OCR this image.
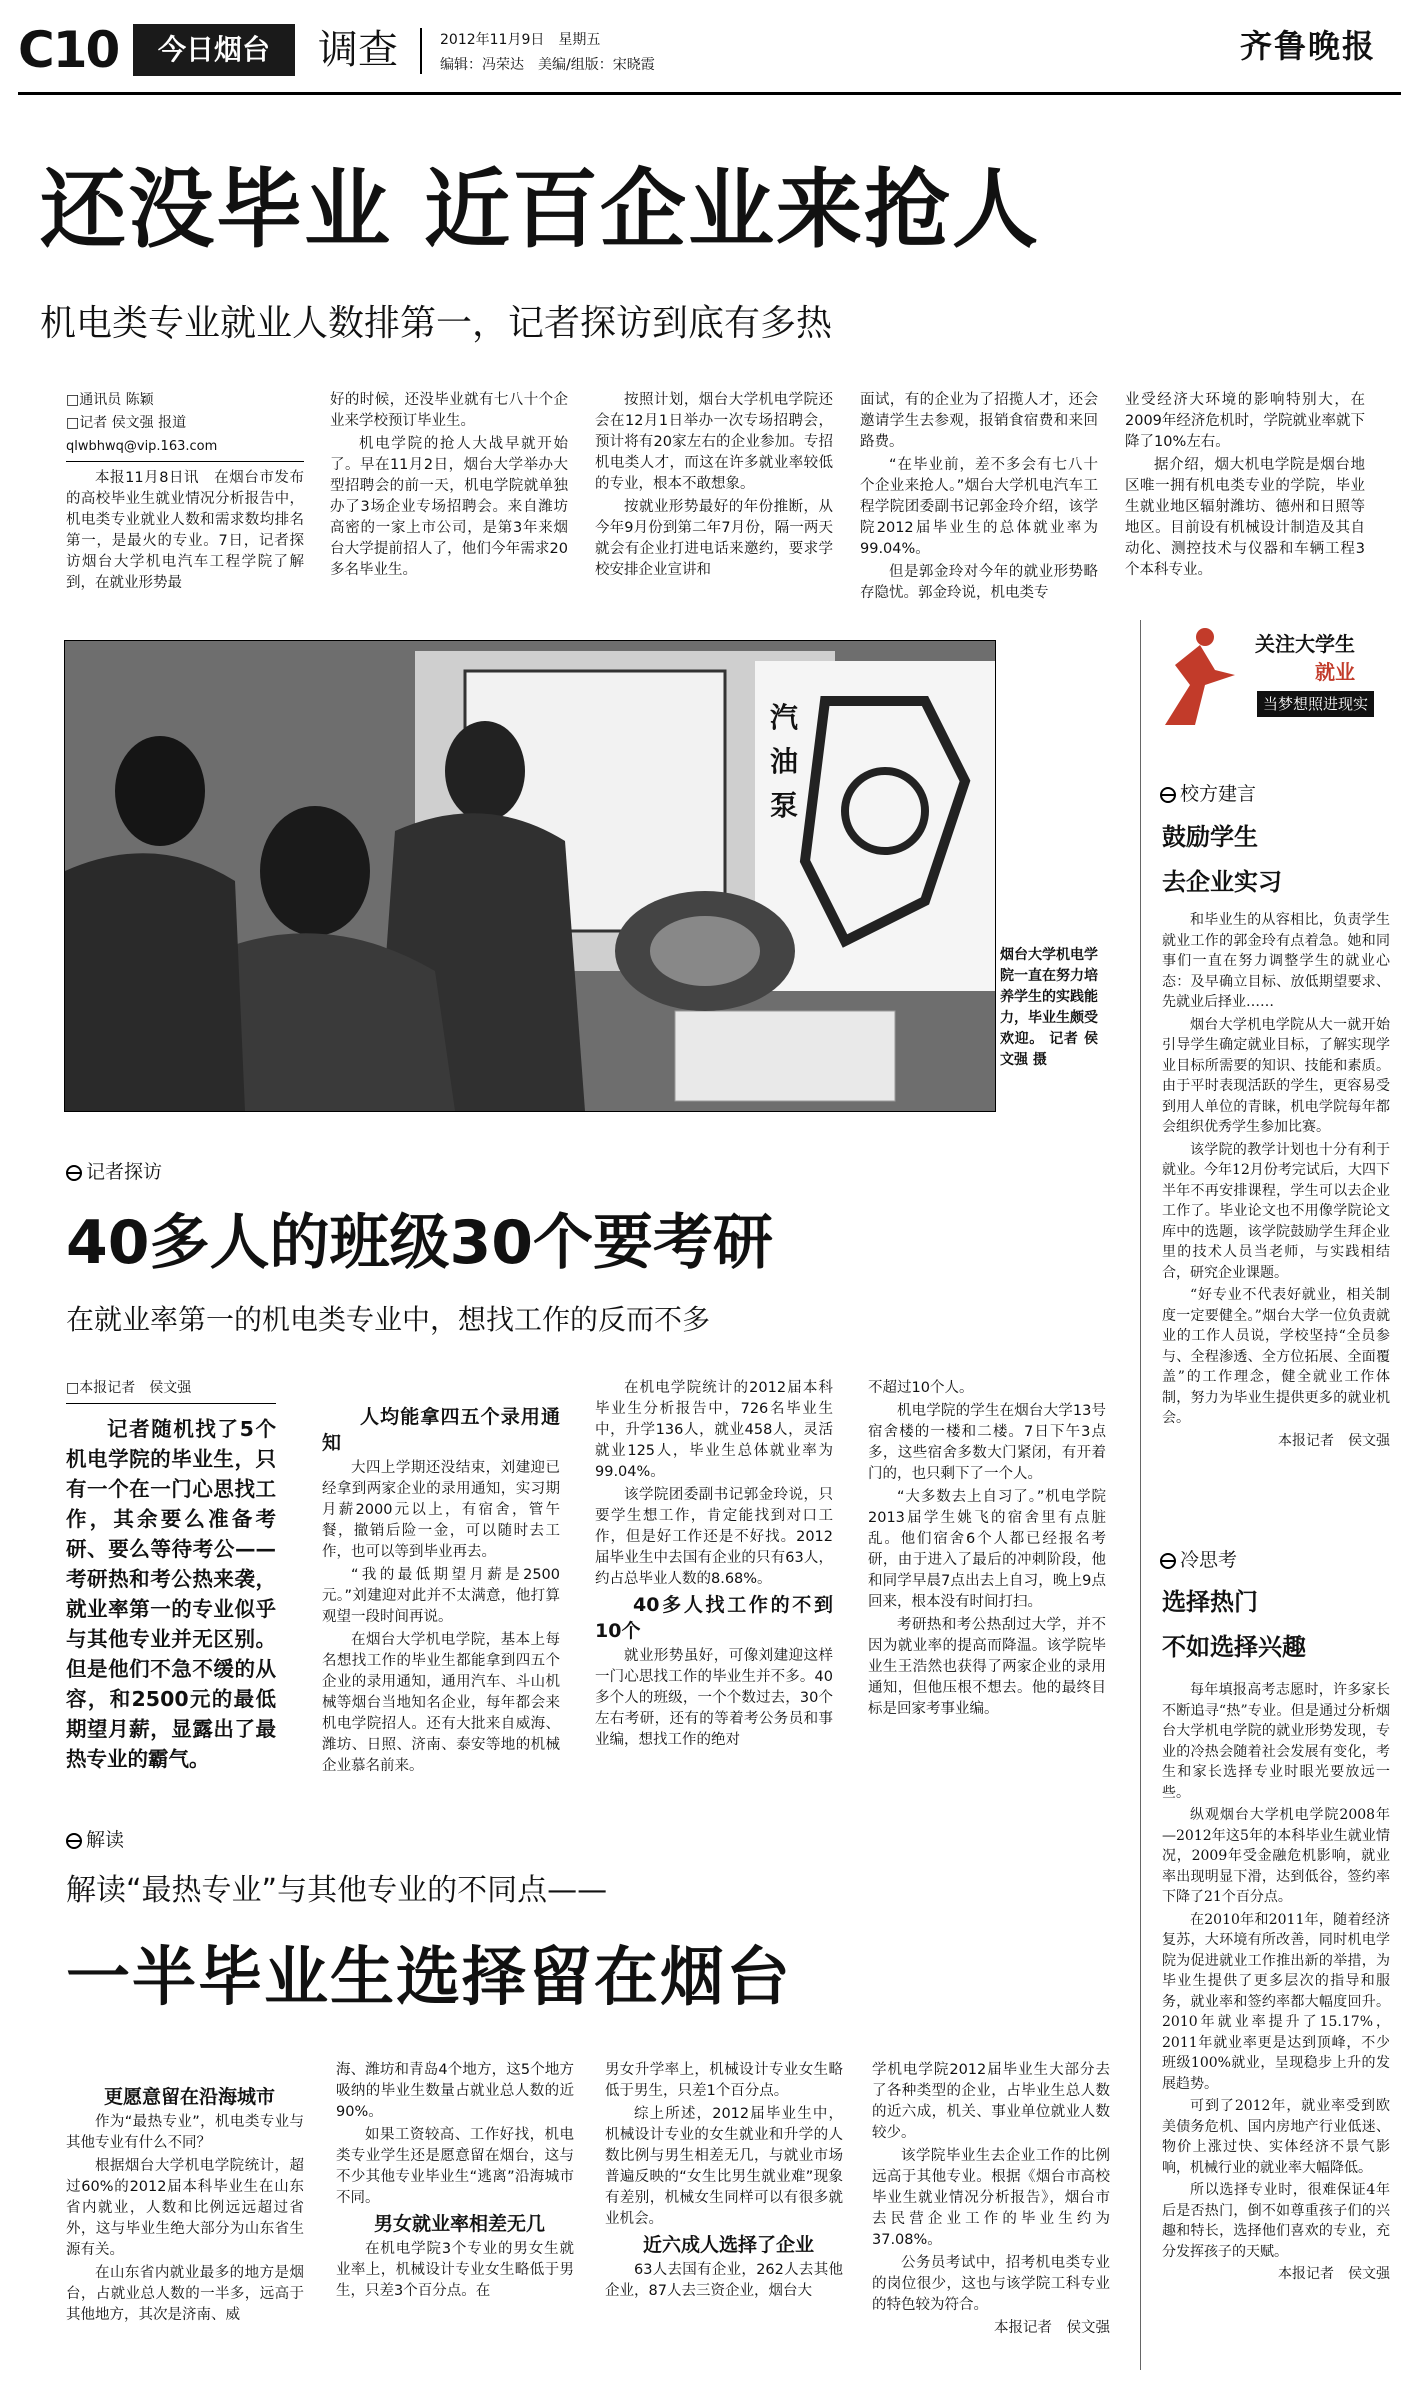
C10	今日烟台	调查	2012年11月9日　星期五
编辑：冯荣达　美编/组版：宋晓霞	齐鲁晚报
还没毕业 近百企业来抢人
机电类专业就业人数排第一，记者探访到底有多热

□通讯员 陈颖

□记者 侯文强 报道

qlwbhwq@vip.163.com

本报11月8日讯　在烟台市发布的高校毕业生就业情况分析报告中，机电类专业就业人数和需求数均排名第一，是最火的专业。7日，记者探访烟台大学机电汽车工程学院了解到，在就业形势最

好的时候，还没毕业就有七八十个企业来学校预订毕业生。

机电学院的抢人大战早就开始了。早在11月2日，烟台大学举办大型招聘会的前一天，机电学院就单独办了3场企业专场招聘会。来自潍坊高密的一家上市公司，是第3年来烟台大学提前招人了，他们今年需求20多名毕业生。

按照计划，烟台大学机电学院还会在12月1日举办一次专场招聘会，预计将有20家左右的企业参加。专招机电类人才，而这在许多就业率较低的专业，根本不敢想象。

按就业形势最好的年份推断，从今年9月份到第二年7月份，隔一两天就会有企业打进电话来邀约，要求学校安排企业宣讲和

面试，有的企业为了招揽人才，还会邀请学生去参观，报销食宿费和来回路费。

“在毕业前，差不多会有七八十个企业来抢人。”烟台大学机电汽车工程学院团委副书记郭金玲介绍，该学院2012届毕业生的总体就业率为99.04%。

但是郭金玲对今年的就业形势略存隐忧。郭金玲说，机电类专

业受经济大环境的影响特别大，在2009年经济危机时，学院就业率就下降了10%左右。

据介绍，烟大机电学院是烟台地区唯一拥有机电类专业的学院，毕业生就业地区辐射潍坊、德州和日照等地区。目前设有机械设计制造及其自动化、测控技术与仪器和车辆工程3个本科专业。

汽油泵
烟台大学机电学院一直在努力培养学生的实践能力，毕业生颇受欢迎。 记者 侯文强 摄
关注大学生
就业
当梦想照进现实
记者探访
40多人的班级30个要考研
在就业率第一的机电类专业中，想找工作的反而不多

□本报记者　侯文强

记者随机找了5个机电学院的毕业生，只有一个在一门心思找工作，其余要么准备考研、要么等待考公——考研热和考公热来袭，就业率第一的专业似乎与其他专业并无区别。但是他们不急不缓的从容，和2500元的最低期望月薪，显露出了最热专业的霸气。

人均能拿四五个录用通知

大四上学期还没结束，刘建迎已经拿到两家企业的录用通知，实习期月薪2000元以上，有宿舍，管午餐，撤销后险一金，可以随时去工作，也可以等到毕业再去。

“我的最低期望月薪是2500元。”刘建迎对此并不太满意，他打算观望一段时间再说。

在烟台大学机电学院，基本上每名想找工作的毕业生都能拿到四五个企业的录用通知，通用汽车、斗山机械等烟台当地知名企业，每年都会来机电学院招人。还有大批来自威海、潍坊、日照、济南、泰安等地的机械企业慕名前来。

在机电学院统计的2012届本科毕业生分析报告中，726名毕业生中，升学136人，就业458人，灵活就业125人，毕业生总体就业率为99.04%。

该学院团委副书记郭金玲说，只要学生想工作，肯定能找到对口工作，但是好工作还是不好找。2012届毕业生中去国有企业的只有63人，约占总毕业人数的8.68%。

40多人找工作的不到10个

就业形势虽好，可像刘建迎这样一门心思找工作的毕业生并不多。40多个人的班级，一个个数过去，30个左右考研，还有的等着考公务员和事业编，想找工作的绝对

不超过10个人。

机电学院的学生在烟台大学13号宿舍楼的一楼和二楼。7日下午3点多，这些宿舍多数大门紧闭，有开着门的，也只剩下了一个人。

“大多数去上自习了。”机电学院2013届学生姚飞的宿舍里有点脏乱。他们宿舍6个人都已经报名考研，由于进入了最后的冲刺阶段，他和同学早晨7点出去上自习，晚上9点回来，根本没有时间打扫。

考研热和考公热刮过大学，并不因为就业率的提高而降温。该学院毕业生王浩然也获得了两家企业的录用通知，但他压根不想去。他的最终目标是回家考事业编。

解读
解读“最热专业”与其他专业的不同点——
一半毕业生选择留在烟台

更愿意留在沿海城市

作为“最热专业”，机电类专业与其他专业有什么不同？

根据烟台大学机电学院统计，超过60%的2012届本科毕业生在山东省内就业，人数和比例远远超过省外，这与毕业生绝大部分为山东省生源有关。

在山东省内就业最多的地方是烟台，占就业总人数的一半多，远高于其他地方，其次是济南、威

海、潍坊和青岛4个地方，这5个地方吸纳的毕业生数量占就业总人数的近90%。

如果工资较高、工作好找，机电类专业学生还是愿意留在烟台，这与不少其他专业毕业生“逃离”沿海城市不同。

男女就业率相差无几

在机电学院3个专业的男女生就业率上，机械设计专业女生略低于男生，只差3个百分点。在

男女升学率上，机械设计专业女生略低于男生，只差1个百分点。

综上所述，2012届毕业生中，机械设计专业的女生就业和升学的人数比例与男生相差无几，与就业市场普遍反映的“女生比男生就业难”现象有差别，机械女生同样可以有很多就业机会。

近六成人选择了企业

63人去国有企业，262人去其他企业，87人去三资企业，烟台大

学机电学院2012届毕业生大部分去了各种类型的企业，占毕业生总人数的近六成，机关、事业单位就业人数较少。

该学院毕业生去企业工作的比例远高于其他专业。根据《烟台市高校毕业生就业情况分析报告》，烟台市去民营企业工作的毕业生约为37.08%。

公务员考试中，招考机电类专业的岗位很少，这也与该学院工科专业的特色较为符合。

本报记者　侯文强

校方建言
鼓励学生
去企业实习

和毕业生的从容相比，负责学生就业工作的郭金玲有点着急。她和同事们一直在努力调整学生的就业心态：及早确立目标、放低期望要求、先就业后择业……

烟台大学机电学院从大一就开始引导学生确定就业目标，了解实现学业目标所需要的知识、技能和素质。由于平时表现活跃的学生，更容易受到用人单位的青睐，机电学院每年都会组织优秀学生参加比赛。

该学院的教学计划也十分有利于就业。今年12月份考完试后，大四下半年不再安排课程，学生可以去企业工作了。毕业论文也不用像学院论文库中的选题，该学院鼓励学生拜企业里的技术人员当老师，与实践相结合，研究企业课题。

“好专业不代表好就业，相关制度一定要健全。”烟台大学一位负责就业的工作人员说，学校坚持“全员参与、全程渗透、全方位拓展、全面覆盖”的工作理念，健全就业工作体制，努力为毕业生提供更多的就业机会。

本报记者　侯文强

冷思考
选择热门
不如选择兴趣

每年填报高考志愿时，许多家长不断追寻“热”专业。但是通过分析烟台大学机电学院的就业形势发现，专业的冷热会随着社会发展有变化，考生和家长选择专业时眼光要放远一些。

纵观烟台大学机电学院2008年—2012年这5年的本科毕业生就业情况，2009年受金融危机影响，就业率出现明显下滑，达到低谷，签约率下降了21个百分点。

在2010年和2011年，随着经济复苏，大环境有所改善，同时机电学院为促进就业工作推出新的举措，为毕业生提供了更多层次的指导和服务，就业率和签约率都大幅度回升。2010年就业率提升了15.17%，2011年就业率更是达到顶峰，不少班级100%就业，呈现稳步上升的发展趋势。

可到了2012年，就业率受到欧美债务危机、国内房地产行业低迷、物价上涨过快、实体经济不景气影响，机械行业的就业率大幅降低。

所以选择专业时，很难保证4年后是否热门，倒不如尊重孩子们的兴趣和特长，选择他们喜欢的专业，充分发挥孩子的天赋。

本报记者　侯文强
